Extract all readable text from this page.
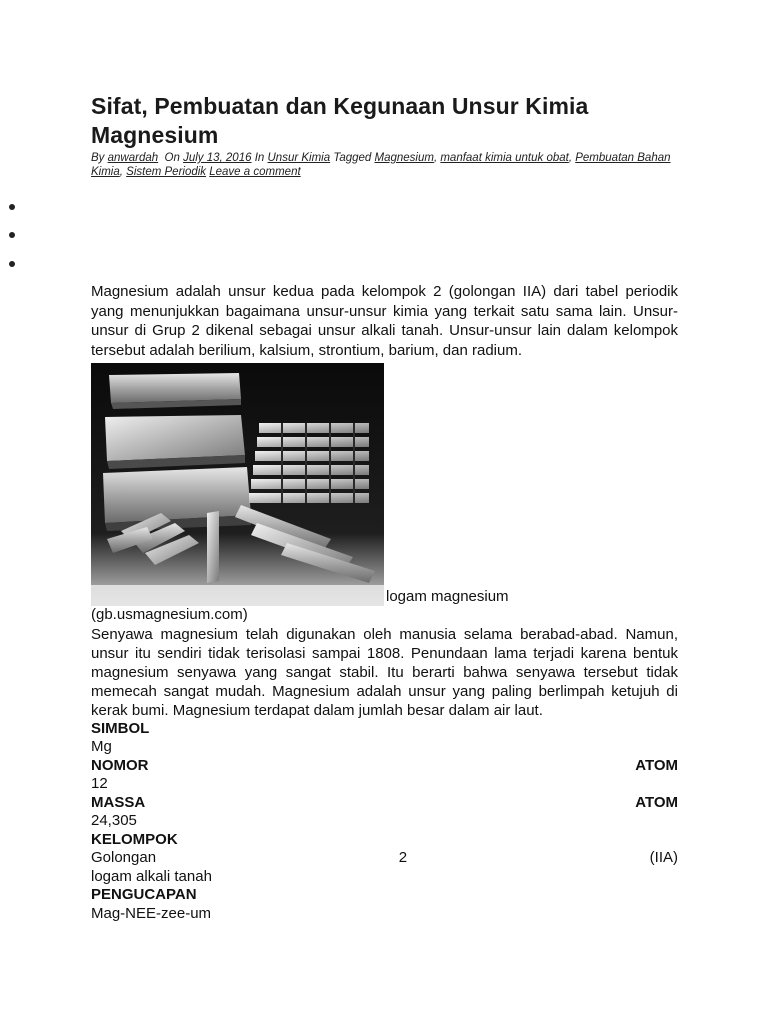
Sifat, Pembuatan dan Kegunaan Unsur Kimia Magnesium
By anwardah On July 13, 2016 In Unsur Kimia Tagged Magnesium, manfaat kimia untuk obat, Pembuatan Bahan Kimia, Sistem Periodik Leave a comment

Magnesium adalah unsur kedua pada kelompok 2 (golongan IIA) dari tabel periodik yang menunjukkan bagaimana unsur-unsur kimia yang terkait satu sama lain. Unsur-unsur di Grup 2 dikenal sebagai unsur alkali tanah. Unsur-unsur lain dalam kelompok tersebut adalah berilium, kalsium, strontium, barium, dan radium.

logam magnesium
(gb.usmagnesium.com)

Senyawa magnesium telah digunakan oleh manusia selama berabad-abad. Namun, unsur itu sendiri tidak terisolasi sampai 1808. Penundaan lama terjadi karena bentuk magnesium senyawa yang sangat stabil. Itu berarti bahwa senyawa tersebut tidak memecah sangat mudah. Magnesium adalah unsur yang paling berlimpah ketujuh di kerak bumi. Magnesium terdapat dalam jumlah besar dalam air laut.

SIMBOL
Mg
NOMOR	ATOM
12
MASSA	ATOM
24,305
KELOMPOK
Golongan	2	(IIA)
logam alkali tanah
PENGUCAPAN
Mag-NEE-zee-um
